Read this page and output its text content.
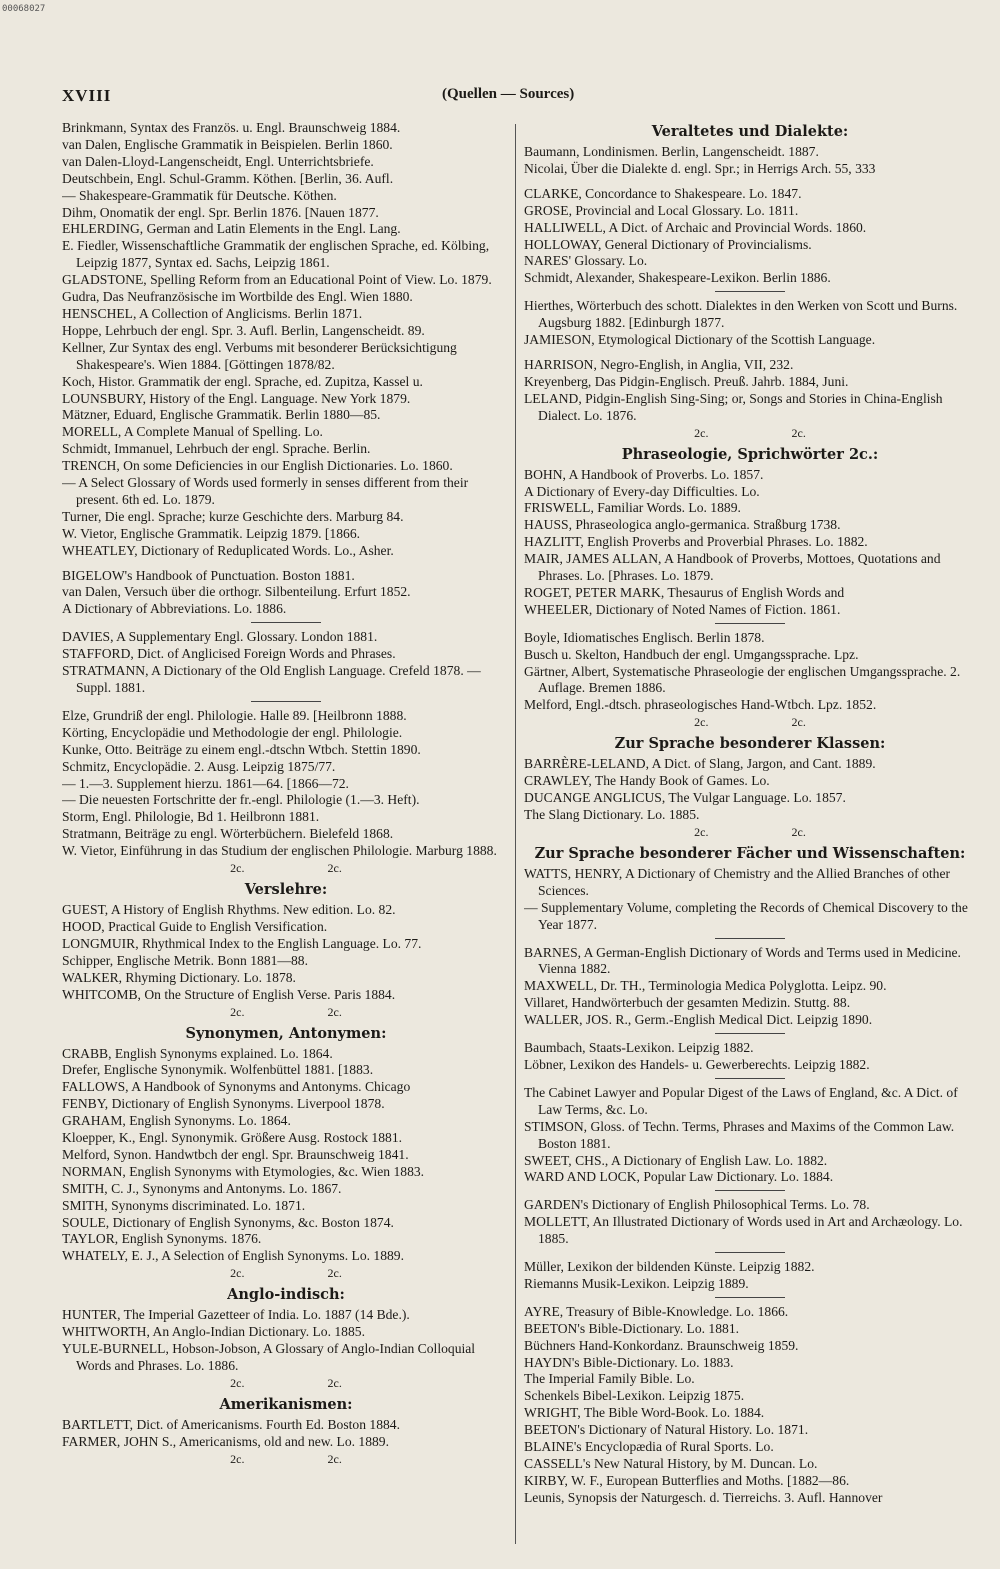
00068027
XVIII	(Quellen — Sources)

Brinkmann, Syntax des Französ. u. Engl. Braunschweig 1884.

van Dalen, Englische Grammatik in Beispielen. Berlin 1860.

van Dalen-Lloyd-Langenscheidt, Engl. Unterrichtsbriefe.

Deutschbein, Engl. Schul-Gramm. Köthen. [Berlin, 36. Aufl.

— Shakespeare-Grammatik für Deutsche. Köthen.

Dihm, Onomatik der engl. Spr. Berlin 1876. [Nauen 1877.

EHLERDING, German and Latin Elements in the Engl. Lang.

E. Fiedler, Wissenschaftliche Grammatik der englischen Sprache, ed. Kölbing, Leipzig 1877, Syntax ed. Sachs, Leipzig 1861.

GLADSTONE, Spelling Reform from an Educational Point of View. Lo. 1879.

Gudra, Das Neufranzösische im Wortbilde des Engl. Wien 1880.

HENSCHEL, A Collection of Anglicisms. Berlin 1871.

Hoppe, Lehrbuch der engl. Spr. 3. Aufl. Berlin, Langenscheidt. 89.

Kellner, Zur Syntax des engl. Verbums mit besonderer Berücksichtigung Shakespeare's. Wien 1884. [Göttingen 1878/82.

Koch, Histor. Grammatik der engl. Sprache, ed. Zupitza, Kassel u.

LOUNSBURY, History of the Engl. Language. New York 1879.

Mätzner, Eduard, Englische Grammatik. Berlin 1880—85.

MORELL, A Complete Manual of Spelling. Lo.

Schmidt, Immanuel, Lehrbuch der engl. Sprache. Berlin.

TRENCH, On some Deficiencies in our English Dictionaries. Lo. 1860.

— A Select Glossary of Words used formerly in senses different from their present. 6th ed. Lo. 1879.

Turner, Die engl. Sprache; kurze Geschichte ders. Marburg 84.

W. Vietor, Englische Grammatik. Leipzig 1879. [1866.

WHEATLEY, Dictionary of Reduplicated Words. Lo., Asher.

BIGELOW's Handbook of Punctuation. Boston 1881.

van Dalen, Versuch über die orthogr. Silbenteilung. Erfurt 1852.

A Dictionary of Abbreviations. Lo. 1886.

DAVIES, A Supplementary Engl. Glossary. London 1881.

STAFFORD, Dict. of Anglicised Foreign Words and Phrases.

STRATMANN, A Dictionary of the Old English Language. Crefeld 1878. — Suppl. 1881.

Elze, Grundriß der engl. Philologie. Halle 89. [Heilbronn 1888.

Körting, Encyclopädie und Methodologie der engl. Philologie.

Kunke, Otto. Beiträge zu einem engl.-dtschn Wtbch. Stettin 1890.

Schmitz, Encyclopädie. 2. Ausg. Leipzig 1875/77.

— 1.—3. Supplement hierzu. 1861—64. [1866—72.

— Die neuesten Fortschritte der fr.-engl. Philologie (1.—3. Heft).

Storm, Engl. Philologie, Bd 1. Heilbronn 1881.

Stratmann, Beiträge zu engl. Wörterbüchern. Bielefeld 1868.

W. Vietor, Einführung in das Studium der englischen Philologie. Marburg 1888.

2c. 2c.
Verslehre:

GUEST, A History of English Rhythms. New edition. Lo. 82.

HOOD, Practical Guide to English Versification.

LONGMUIR, Rhythmical Index to the English Language. Lo. 77.

Schipper, Englische Metrik. Bonn 1881—88.

WALKER, Rhyming Dictionary. Lo. 1878.

WHITCOMB, On the Structure of English Verse. Paris 1884.

2c. 2c.
Synonymen, Antonymen:

CRABB, English Synonyms explained. Lo. 1864.

Drefer, Englische Synonymik. Wolfenbüttel 1881. [1883.

FALLOWS, A Handbook of Synonyms and Antonyms. Chicago

FENBY, Dictionary of English Synonyms. Liverpool 1878.

GRAHAM, English Synonyms. Lo. 1864.

Kloepper, K., Engl. Synonymik. Größere Ausg. Rostock 1881.

Melford, Synon. Handwtbch der engl. Spr. Braunschweig 1841.

NORMAN, English Synonyms with Etymologies, &c. Wien 1883.

SMITH, C. J., Synonyms and Antonyms. Lo. 1867.

SMITH, Synonyms discriminated. Lo. 1871.

SOULE, Dictionary of English Synonyms, &c. Boston 1874.

TAYLOR, English Synonyms. 1876.

WHATELY, E. J., A Selection of English Synonyms. Lo. 1889.

2c. 2c.
Anglo-indisch:

HUNTER, The Imperial Gazetteer of India. Lo. 1887 (14 Bde.).

WHITWORTH, An Anglo-Indian Dictionary. Lo. 1885.

YULE-BURNELL, Hobson-Jobson, A Glossary of Anglo-Indian Colloquial Words and Phrases. Lo. 1886.

2c. 2c.
Amerikanismen:

BARTLETT, Dict. of Americanisms. Fourth Ed. Boston 1884.

FARMER, JOHN S., Americanisms, old and new. Lo. 1889.

2c. 2c.
Veraltetes und Dialekte:

Baumann, Londinismen. Berlin, Langenscheidt. 1887.

Nicolai, Über die Dialekte d. engl. Spr.; in Herrigs Arch. 55, 333

CLARKE, Concordance to Shakespeare. Lo. 1847.

GROSE, Provincial and Local Glossary. Lo. 1811.

HALLIWELL, A Dict. of Archaic and Provincial Words. 1860.

HOLLOWAY, General Dictionary of Provincialisms.

NARES' Glossary. Lo.

Schmidt, Alexander, Shakespeare-Lexikon. Berlin 1886.

Hierthes, Wörterbuch des schott. Dialektes in den Werken von Scott und Burns. Augsburg 1882. [Edinburgh 1877.

JAMIESON, Etymological Dictionary of the Scottish Language.

HARRISON, Negro-English, in Anglia, VII, 232.

Kreyenberg, Das Pidgin-Englisch. Preuß. Jahrb. 1884, Juni.

LELAND, Pidgin-English Sing-Sing; or, Songs and Stories in China-English Dialect. Lo. 1876.

2c. 2c.
Phraseologie, Sprichwörter 2c.:

BOHN, A Handbook of Proverbs. Lo. 1857.

A Dictionary of Every-day Difficulties. Lo.

FRISWELL, Familiar Words. Lo. 1889.

HAUSS, Phraseologica anglo-germanica. Straßburg 1738.

HAZLITT, English Proverbs and Proverbial Phrases. Lo. 1882.

MAIR, JAMES ALLAN, A Handbook of Proverbs, Mottoes, Quotations and Phrases. Lo. [Phrases. Lo. 1879.

ROGET, PETER MARK, Thesaurus of English Words and

WHEELER, Dictionary of Noted Names of Fiction. 1861.

Boyle, Idiomatisches Englisch. Berlin 1878.

Busch u. Skelton, Handbuch der engl. Umgangssprache. Lpz.

Gärtner, Albert, Systematische Phraseologie der englischen Umgangssprache. 2. Auflage. Bremen 1886.

Melford, Engl.-dtsch. phraseologisches Hand-Wtbch. Lpz. 1852.

2c. 2c.
Zur Sprache besonderer Klassen:

BARRÈRE-LELAND, A Dict. of Slang, Jargon, and Cant. 1889.

CRAWLEY, The Handy Book of Games. Lo.

DUCANGE ANGLICUS, The Vulgar Language. Lo. 1857.

The Slang Dictionary. Lo. 1885.

2c. 2c.
Zur Sprache besonderer Fächer und Wissenschaften:

WATTS, HENRY, A Dictionary of Chemistry and the Allied Branches of other Sciences.

— Supplementary Volume, completing the Records of Chemical Discovery to the Year 1877.

BARNES, A German-English Dictionary of Words and Terms used in Medicine. Vienna 1882.

MAXWELL, Dr. TH., Terminologia Medica Polyglotta. Leipz. 90.

Villaret, Handwörterbuch der gesamten Medizin. Stuttg. 88.

WALLER, JOS. R., Germ.-English Medical Dict. Leipzig 1890.

Baumbach, Staats-Lexikon. Leipzig 1882.

Löbner, Lexikon des Handels- u. Gewerberechts. Leipzig 1882.

The Cabinet Lawyer and Popular Digest of the Laws of England, &c. A Dict. of Law Terms, &c. Lo.

STIMSON, Gloss. of Techn. Terms, Phrases and Maxims of the Common Law. Boston 1881.

SWEET, CHS., A Dictionary of English Law. Lo. 1882.

WARD AND LOCK, Popular Law Dictionary. Lo. 1884.

GARDEN's Dictionary of English Philosophical Terms. Lo. 78.

MOLLETT, An Illustrated Dictionary of Words used in Art and Archæology. Lo. 1885.

Müller, Lexikon der bildenden Künste. Leipzig 1882.

Riemanns Musik-Lexikon. Leipzig 1889.

AYRE, Treasury of Bible-Knowledge. Lo. 1866.

BEETON's Bible-Dictionary. Lo. 1881.

Büchners Hand-Konkordanz. Braunschweig 1859.

HAYDN's Bible-Dictionary. Lo. 1883.

The Imperial Family Bible. Lo.

Schenkels Bibel-Lexikon. Leipzig 1875.

WRIGHT, The Bible Word-Book. Lo. 1884.

BEETON's Dictionary of Natural History. Lo. 1871.

BLAINE's Encyclopædia of Rural Sports. Lo.

CASSELL's New Natural History, by M. Duncan. Lo.

KIRBY, W. F., European Butterflies and Moths. [1882—86.

Leunis, Synopsis der Naturgesch. d. Tierreichs. 3. Aufl. Hannover
